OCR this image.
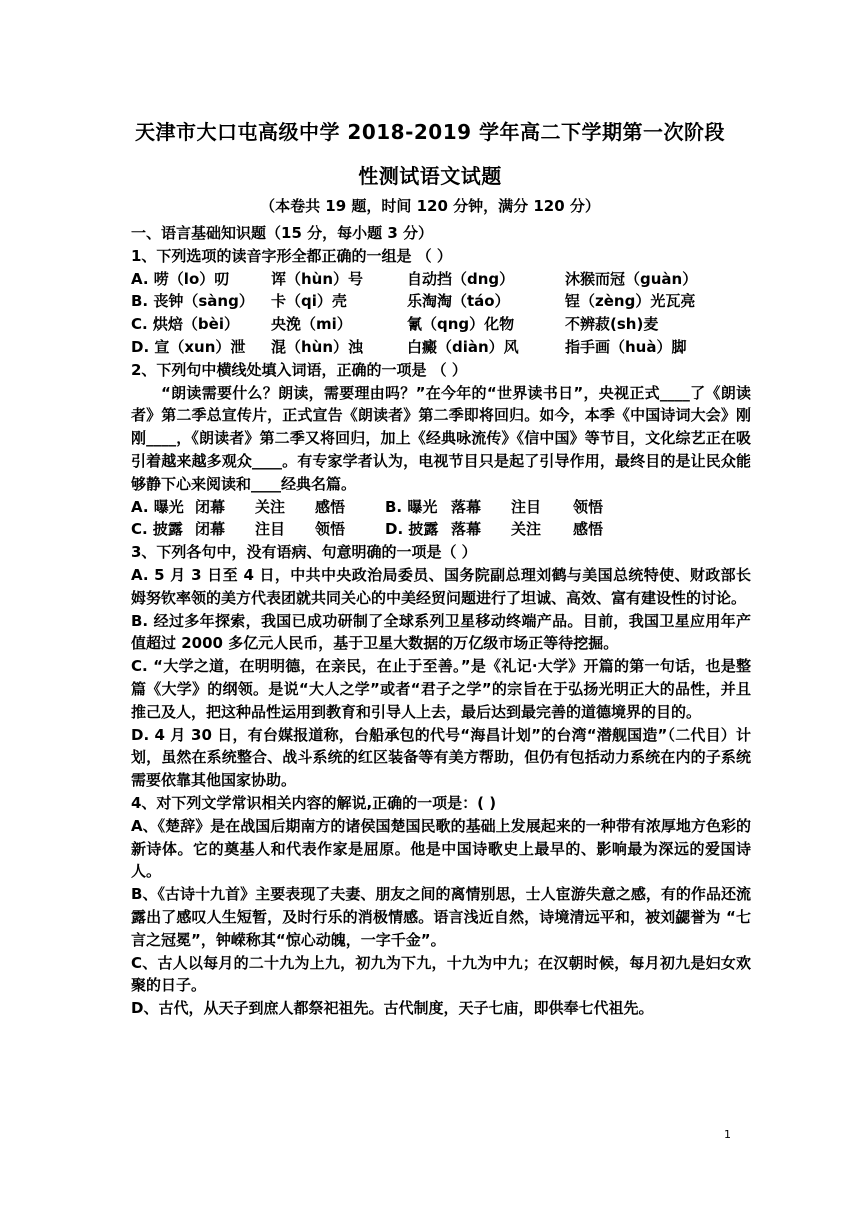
天津市大口屯高级中学 2018-2019 学年高二下学期第一次阶段
性测试语文试题
（本卷共 19 题，时间 120 分钟，满分 120 分）
一、语言基础知识题（15 分，每小题 3 分）
1、下列选项的读音字形全都正确的一组是 （ ）
A. 唠（lo）叨	诨（hùn）号	自动挡（dng）	沐猴而冠（guàn）
B. 丧钟（sàng）	卡（qi）壳	乐淘淘（táo）	锃（zèng）光瓦亮
C. 烘焙（bèi）	央浼（mi）	氰（qng）化物	不辨菽(sh)麦
D. 宣（xun）泄	混（hùn）浊	白癜（diàn）风	指手画（huà）脚
2、下列句中横线处填入词语，正确的一项是 （ ）
“朗读需要什么？朗读，需要理由吗？”在今年的“世界读书日”，央视正式____了《朗读者》第二季总宣传片，正式宣告《朗读者》第二季即将回归。如今，本季《中国诗词大会》刚刚____，《朗读者》第二季又将回归，加上《经典咏流传》《信中国》等节目，文化综艺正在吸引着越来越多观众____。有专家学者认为，电视节目只是起了引导作用，最终目的是让民众能够静下心来阅读和____经典名篇。
A. 曝光 闭幕	关注	感悟	B. 曝光 落幕	注目	领悟
C. 披露 闭幕	注目	领悟	D. 披露 落幕	关注	感悟
3、下列各句中，没有语病、句意明确的一项是（ ）
A. 5 月 3 日至 4 日，中共中央政治局委员、国务院副总理刘鹤与美国总统特使、财政部长姆努钦率领的美方代表团就共同关心的中美经贸问题进行了坦诚、高效、富有建设性的讨论。
B. 经过多年探索，我国已成功研制了全球系列卫星移动终端产品。目前，我国卫星应用年产值超过 2000 多亿元人民币，基于卫星大数据的万亿级市场正等待挖掘。
C. “大学之道，在明明德，在亲民，在止于至善。”是《礼记·大学》开篇的第一句话，也是整篇《大学》的纲领。是说“大人之学”或者“君子之学”的宗旨在于弘扬光明正大的品性，并且推己及人，把这种品性运用到教育和引导人上去，最后达到最完善的道德境界的目的。
D. 4 月 30 日，有台媒报道称，台船承包的代号“海昌计划”的台湾“潜舰国造”（二代目）计划，虽然在系统整合、战斗系统的红区装备等有美方帮助，但仍有包括动力系统在内的子系统需要依靠其他国家协助。
4、对下列文学常识相关内容的解说,正确的一项是：( )
A、《楚辞》是在战国后期南方的诸侯国楚国民歌的基础上发展起来的一种带有浓厚地方色彩的新诗体。它的奠基人和代表作家是屈原。他是中国诗歌史上最早的、影响最为深远的爱国诗人。
B、《古诗十九首》主要表现了夫妻、朋友之间的离情别思，士人宦游失意之感，有的作品还流露出了感叹人生短暂，及时行乐的消极情感。语言浅近自然，诗境清远平和，被刘勰誉为 “七言之冠冕”，钟嵘称其“惊心动魄，一字千金”。
C、古人以每月的二十九为上九，初九为下九，十九为中九；在汉朝时候，每月初九是妇女欢聚的日子。
D、古代，从天子到庶人都祭祀祖先。古代制度，天子七庙，即供奉七代祖先。
1
